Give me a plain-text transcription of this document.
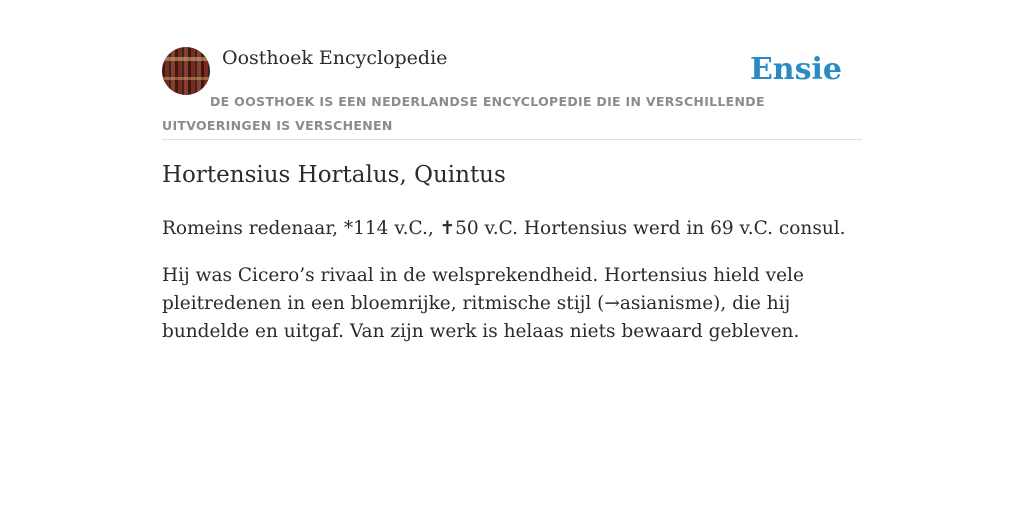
Oosthoek Encyclopedie	Ensie
DE OOSTHOEK IS EEN NEDERLANDSE ENCYCLOPEDIE DIE IN VERSCHILLENDE UITVOERINGEN IS VERSCHENEN
Hortensius Hortalus, Quintus

Romeins redenaar, *114 v.C., ✝50 v.C. Hortensius werd in 69 v.C. consul.

Hij was Cicero’s rivaal in de welsprekendheid. Hortensius hield vele pleitredenen in een bloemrijke, ritmische stijl (→asianisme), die hij bundelde en uitgaf. Van zijn werk is helaas niets bewaard gebleven.
